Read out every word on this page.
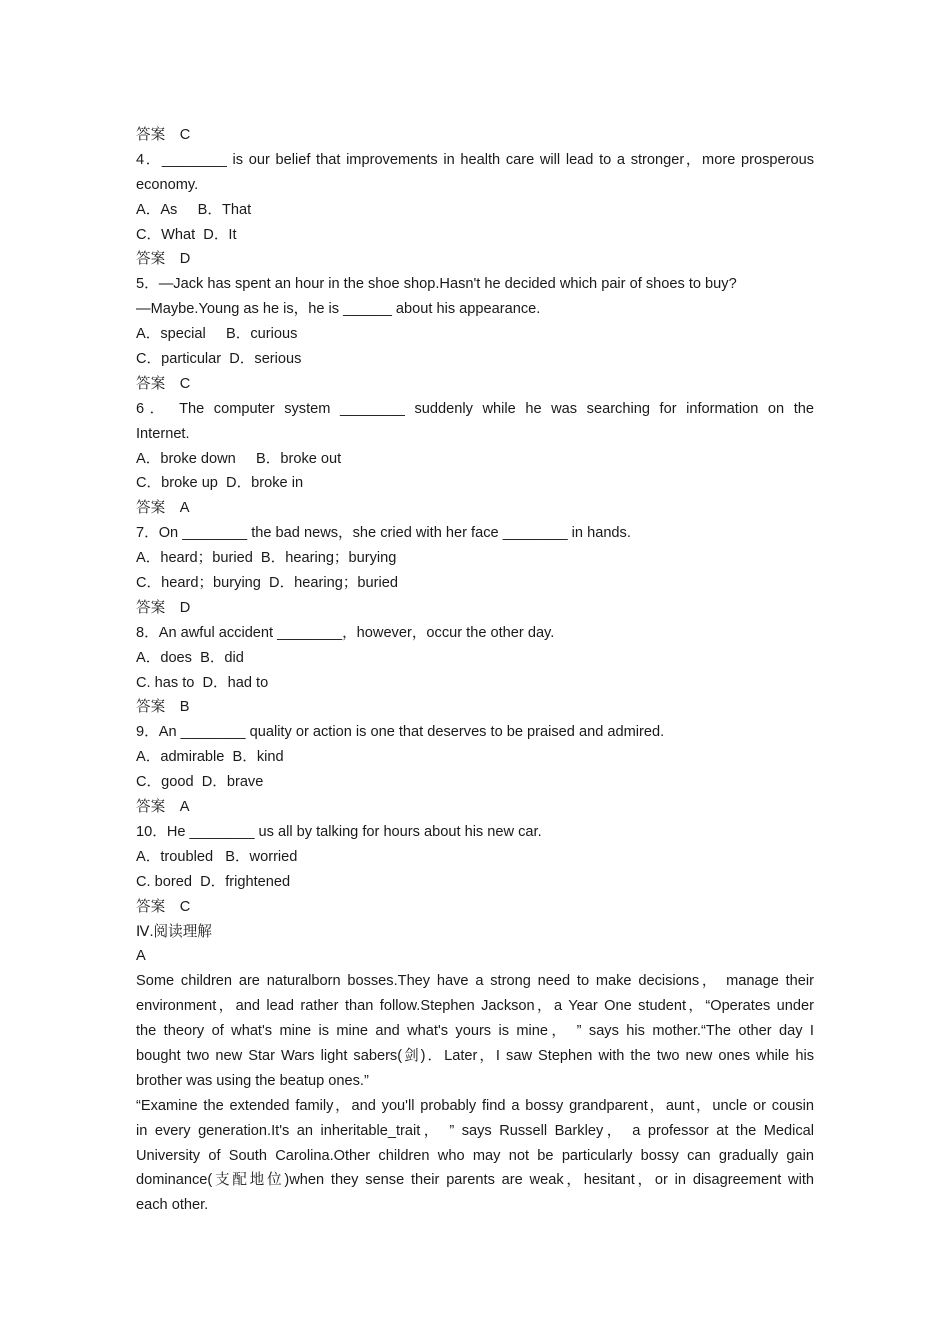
答案　C
4．________ is our belief that improvements in health care will lead to a stronger，more prosperous
economy.
A．As     B．That
C．What  D．It
答案　D
5．—Jack has spent an hour in the shoe shop.Hasn't he decided which pair of shoes to buy?
—Maybe.Young as he is，he is ______ about his appearance.
A．special     B．curious
C．particular  D．serious
答案　C
6． The computer system ________ suddenly while he was searching for information on the
Internet.
A．broke down     B．broke out
C．broke up  D．broke in
答案　A
7．On ________ the bad news，she cried with her face ________ in hands.
A．heard；buried  B．hearing；burying
C．heard；burying  D．hearing；buried
答案　D
8．An awful accident ________，however，occur the other day.
A．does  B．did
C. has to  D．had to
答案　B
9．An ________ quality or action is one that deserves to be praised and admired.
A．admirable  B．kind
C．good  D．brave
答案　A
10．He ________ us all by talking for hours about his new car.
A．troubled   B．worried
C. bored  D．frightened
答案　C
Ⅳ.阅读理解
A
Some children are naturalborn bosses.They have a strong need to make decisions， manage their
environment，and lead rather than follow.Stephen Jackson，a Year One student，“Operates under
the theory of what's mine is mine and what's yours is mine， ” says his mother.“The other day I
bought two new Star Wars light sabers(剑)．Later，I saw Stephen with the two new ones while his
brother was using the beatup ones.”
“Examine the extended family，and you'll probably find a bossy grandparent，aunt，uncle or cousin
in every generation.It's an inheritable_trait， ” says Russell Barkley， a professor at the Medical
University of South Carolina.Other children who may not be particularly bossy can gradually gain
dominance(支配地位)when they sense their parents are weak，hesitant，or in disagreement with
each other.
